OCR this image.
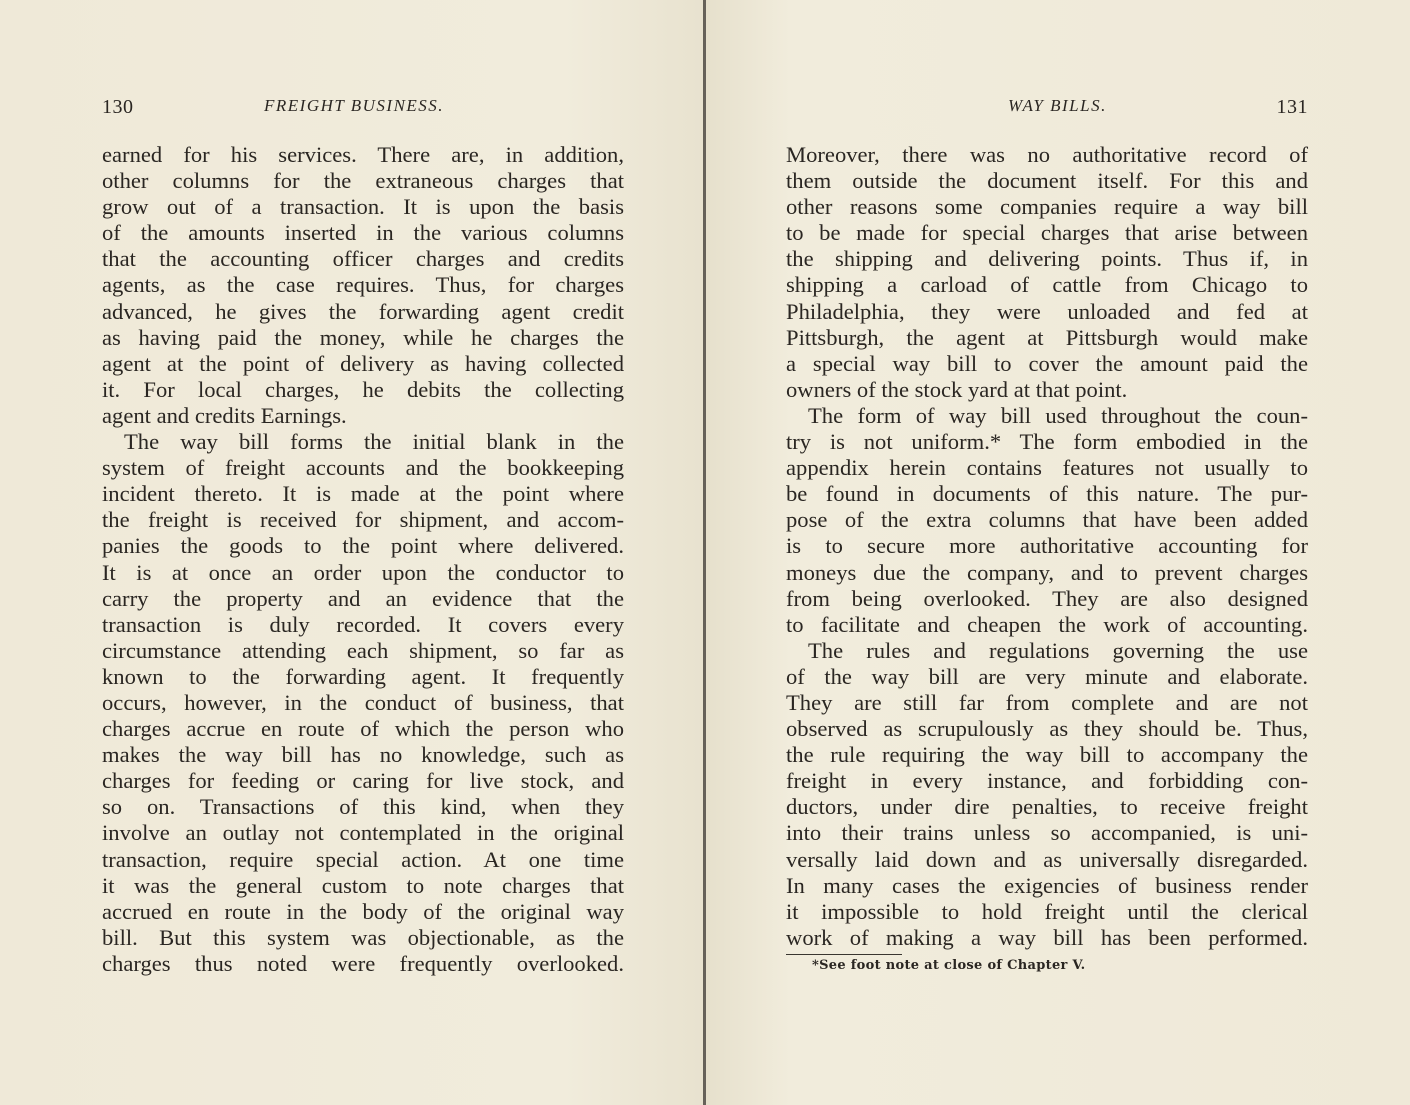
130	FREIGHT BUSINESS.
earned for his services. There are, in addition,
other columns for the extraneous charges that
grow out of a transaction. It is upon the basis
of the amounts inserted in the various columns
that the accounting officer charges and credits
agents, as the case requires. Thus, for charges
advanced, he gives the forwarding agent credit
as having paid the money, while he charges the
agent at the point of delivery as having collected
it. For local charges, he debits the collecting
agent and credits Earnings.
The way bill forms the initial blank in the
system of freight accounts and the bookkeeping
incident thereto. It is made at the point where
the freight is received for shipment, and accom-
panies the goods to the point where delivered.
It is at once an order upon the conductor to
carry the property and an evidence that the
transaction is duly recorded. It covers every
circumstance attending each shipment, so far as
known to the forwarding agent. It frequently
occurs, however, in the conduct of business, that
charges accrue en route of which the person who
makes the way bill has no knowledge, such as
charges for feeding or caring for live stock, and
so on. Transactions of this kind, when they
involve an outlay not contemplated in the original
transaction, require special action. At one time
it was the general custom to note charges that
accrued en route in the body of the original way
bill. But this system was objectionable, as the
charges thus noted were frequently overlooked.
WAY BILLS.	131
Moreover, there was no authoritative record of
them outside the document itself. For this and
other reasons some companies require a way bill
to be made for special charges that arise between
the shipping and delivering points. Thus if, in
shipping a carload of cattle from Chicago to
Philadelphia, they were unloaded and fed at
Pittsburgh, the agent at Pittsburgh would make
a special way bill to cover the amount paid the
owners of the stock yard at that point.
The form of way bill used throughout the coun-
try is not uniform.* The form embodied in the
appendix herein contains features not usually to
be found in documents of this nature. The pur-
pose of the extra columns that have been added
is to secure more authoritative accounting for
moneys due the company, and to prevent charges
from being overlooked. They are also designed
to facilitate and cheapen the work of accounting.
The rules and regulations governing the use
of the way bill are very minute and elaborate.
They are still far from complete and are not
observed as scrupulously as they should be. Thus,
the rule requiring the way bill to accompany the
freight in every instance, and forbidding con-
ductors, under dire penalties, to receive freight
into their trains unless so accompanied, is uni-
versally laid down and as universally disregarded.
In many cases the exigencies of business render
it impossible to hold freight until the clerical
work of making a way bill has been performed.
*See foot note at close of Chapter V.
